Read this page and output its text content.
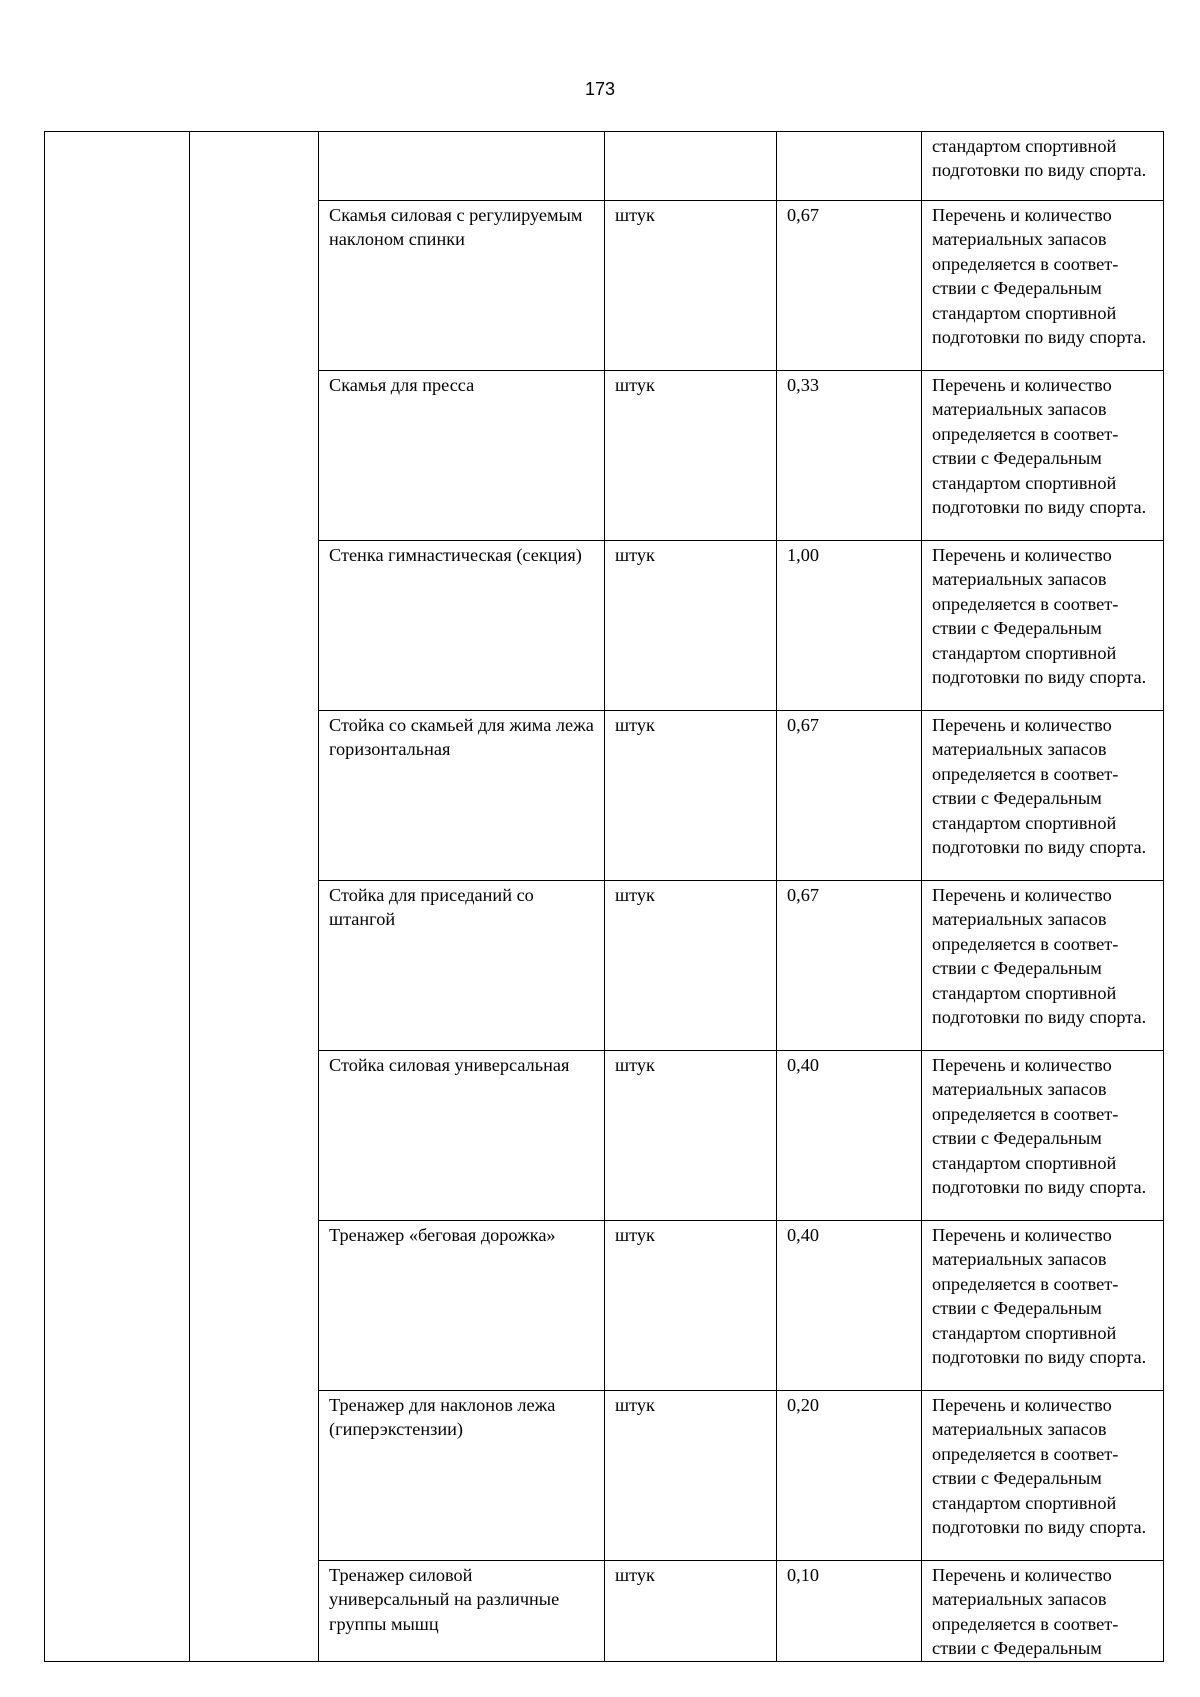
173
					стандартом спортивной подготовки по виду спорта.
		Скамья силовая с регулируемым наклоном спинки	штук	0,67	Перечень и количество материальных запасов определяется в соответ-ствии с Федеральным стандартом спортивной подготовки по виду спорта.
		Скамья для пресса	штук	0,33	Перечень и количество материальных запасов определяется в соответ-ствии с Федеральным стандартом спортивной подготовки по виду спорта.
		Стенка гимнастическая (секция)	штук	1,00	Перечень и количество материальных запасов определяется в соответ-ствии с Федеральным стандартом спортивной подготовки по виду спорта.
		Стойка со скамьей для жима лежа горизонтальная	штук	0,67	Перечень и количество материальных запасов определяется в соответ-ствии с Федеральным стандартом спортивной подготовки по виду спорта.
		Стойка для приседаний со штангой	штук	0,67	Перечень и количество материальных запасов определяется в соответ-ствии с Федеральным стандартом спортивной подготовки по виду спорта.
		Стойка силовая универсальная	штук	0,40	Перечень и количество материальных запасов определяется в соответ-ствии с Федеральным стандартом спортивной подготовки по виду спорта.
		Тренажер «беговая дорожка»	штук	0,40	Перечень и количество материальных запасов определяется в соответ-ствии с Федеральным стандартом спортивной подготовки по виду спорта.
		Тренажер для наклонов лежа (гиперэкстензии)	штук	0,20	Перечень и количество материальных запасов определяется в соответ-ствии с Федеральным стандартом спортивной подготовки по виду спорта.
		Тренажер силовой универсальный на различные группы мышц	штук	0,10	Перечень и количество материальных запасов определяется в соответ-ствии с Федеральным
